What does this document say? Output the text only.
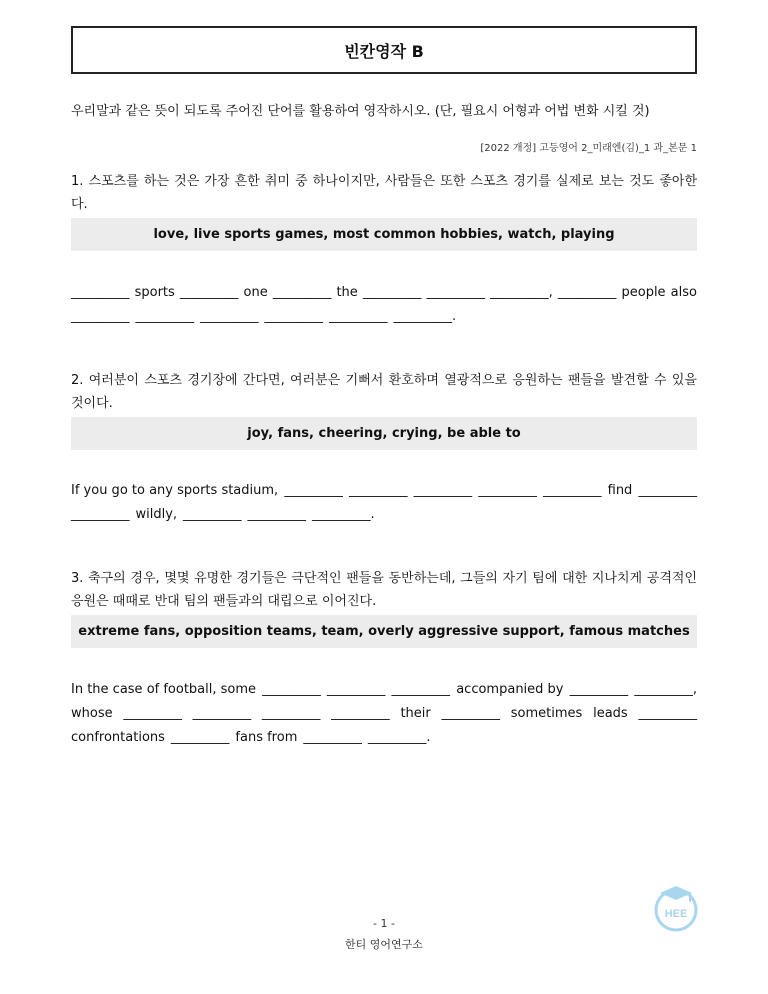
빈칸영작 B
우리말과 같은 뜻이 되도록 주어진 단어를 활용하여 영작하시오. (단, 필요시 어형과 어법 변화 시킬 것)
[2022 개정] 고등영어 2_미래엔(김)_1 과_본문 1
1. 스포츠를 하는 것은 가장 흔한 취미 중 하나이지만, 사람들은 또한 스포츠 경기를 실제로 보는 것도 좋아한다.
love, live sports games, most common hobbies, watch, playing
_________ sports _________ one _________ the _________ _________ _________, _________ people also
_________ _________ _________ _________ _________ _________.
2. 여러분이 스포츠 경기장에 간다면, 여러분은 기뻐서 환호하며 열광적으로 응원하는 팬들을 발견할 수 있을 것이다.
joy, fans, cheering, crying, be able to
If you go to any sports stadium, _________ _________ _________ _________ _________ find _________
_________ wildly, _________ _________ _________.
3. 축구의 경우, 몇몇 유명한 경기들은 극단적인 팬들을 동반하는데, 그들의 자기 팀에 대한 지나치게 공격적인 응원은 때때로 반대 팀의 팬들과의 대립으로 이어진다.
extreme fans, opposition teams, team, overly aggressive support, famous matches
In the case of football, some _________ _________ _________ accompanied by _________ _________,
whose _________ _________ _________ _________ their _________ sometimes leads _________
confrontations _________ fans from _________ _________.
- 1 -
한티 영어연구소
HEE
